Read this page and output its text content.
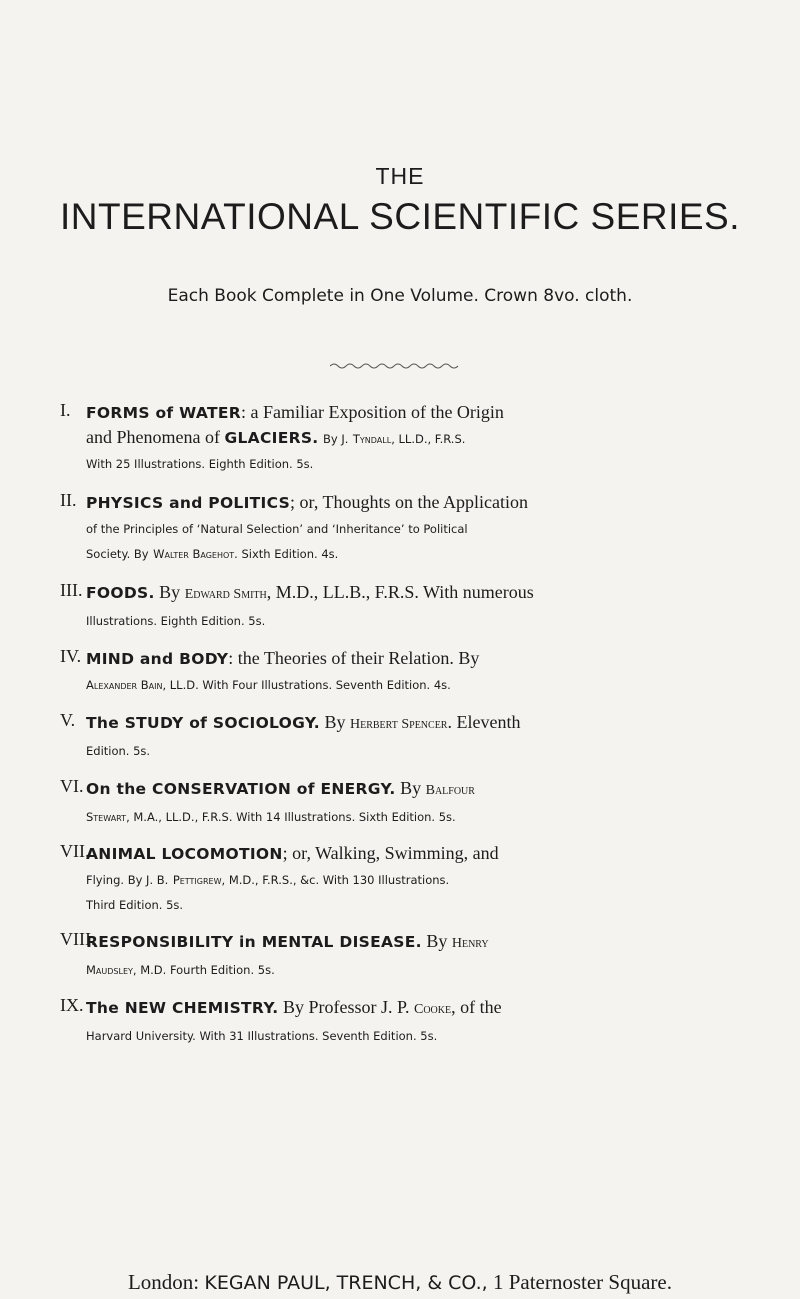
THE
INTERNATIONAL SCIENTIFIC SERIES.
Each Book Complete in One Volume. Crown 8vo. cloth.
I. FORMS of WATER: a Familiar Exposition of the Origin
and Phenomena of GLACIERS. By J. Tyndall, LL.D., F.R.S.
With 25 Illustrations. Eighth Edition. 5s.
II. PHYSICS and POLITICS; or, Thoughts on the Application
of the Principles of ‘Natural Selection’ and ‘Inheritance’ to Political
Society. By Walter Bagehot. Sixth Edition. 4s.
III. FOODS. By Edward Smith, M.D., LL.B., F.R.S. With numerous
Illustrations. Eighth Edition. 5s.
IV. MIND and BODY: the Theories of their Relation. By
Alexander Bain, LL.D. With Four Illustrations. Seventh Edition. 4s.
V. The STUDY of SOCIOLOGY. By Herbert Spencer. Eleventh
Edition. 5s.
VI. On the CONSERVATION of ENERGY. By Balfour
Stewart, M.A., LL.D., F.R.S. With 14 Illustrations. Sixth Edition. 5s.
VII.
ANIMAL LOCOMOTION; or, Walking, Swimming, and
Flying. By J. B. Pettigrew, M.D., F.R.S., &c. With 130 Illustrations.
Third Edition. 5s.
VIII.
RESPONSIBILITY in MENTAL DISEASE. By Henry
Maudsley, M.D. Fourth Edition. 5s.
IX. The NEW CHEMISTRY. By Professor J. P. Cooke, of the
Harvard University. With 31 Illustrations. Seventh Edition. 5s.
London: KEGAN PAUL, TRENCH, & CO., 1 Paternoster Square.
